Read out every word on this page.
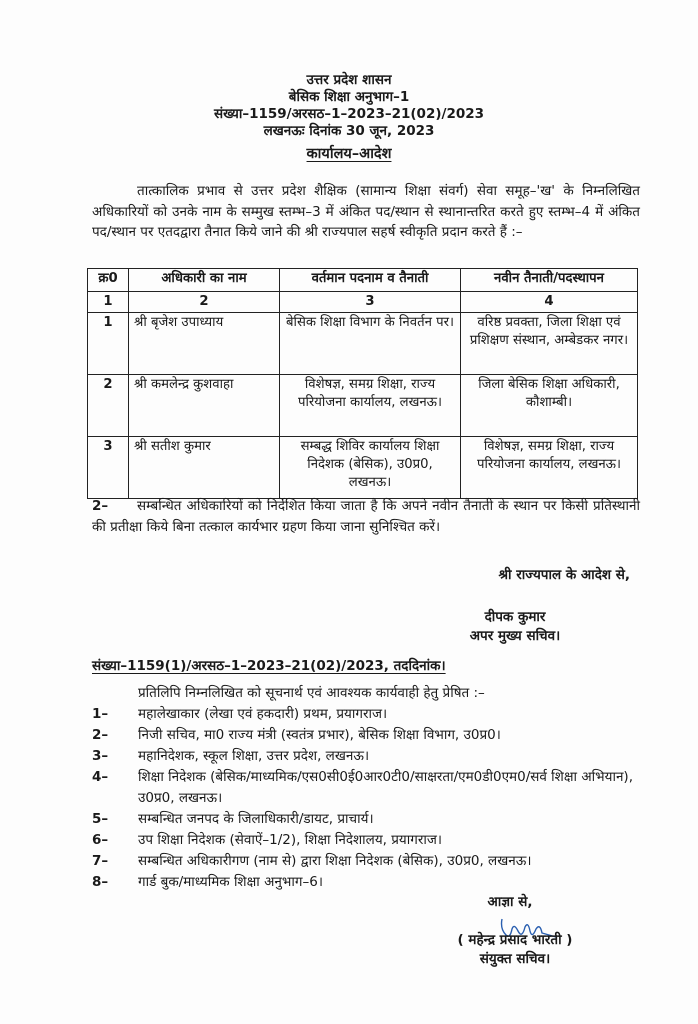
उत्तर प्रदेश शासन
बेसिक शिक्षा अनुभाग–1
संख्या–1159/अरसठ–1–2023–21(02)/2023
लखनऊः दिनांक 30 जून, 2023
कार्यालय–आदेश
तात्कालिक प्रभाव से उत्तर प्रदेश शैक्षिक (सामान्य शिक्षा संवर्ग) सेवा समूह–'ख' के निम्नलिखित अधिकारियों को उनके नाम के सम्मुख स्तम्भ–3 में अंकित पद/स्थान से स्थानान्तरित करते हुए स्तम्भ–4 में अंकित पद/स्थान पर एतदद्वारा तैनात किये जाने की श्री राज्यपाल सहर्ष स्वीकृति प्रदान करते हैं :–
क्र0	अधिकारी का नाम	वर्तमान पदनाम व तैनाती	नवीन तैनाती/पदस्थापन
1	2	3	4
1	श्री बृजेश उपाध्याय	बेसिक शिक्षा विभाग के निवर्तन पर।	वरिष्ठ प्रवक्ता, जिला शिक्षा एवं प्रशिक्षण संस्थान, अम्बेडकर नगर।
2	श्री कमलेन्द्र कुशवाहा	विशेषज्ञ, समग्र शिक्षा, राज्य परियोजना कार्यालय, लखनऊ।	जिला बेसिक शिक्षा अधिकारी, कौशाम्बी।
3	श्री सतीश कुमार	सम्बद्ध शिविर कार्यालय शिक्षा निदेशक (बेसिक), उ0प्र0, लखनऊ।	विशेषज्ञ, समग्र शिक्षा, राज्य परियोजना कार्यालय, लखनऊ।
2– सम्बन्धित अधिकारियों को निर्देशित किया जाता है कि अपने नवीन तैनाती के स्थान पर किसी प्रतिस्थानी की प्रतीक्षा किये बिना तत्काल कार्यभार ग्रहण किया जाना सुनिश्चित करें।
श्री राज्यपाल के आदेश से,
दीपक कुमार
अपर मुख्य सचिव।
संख्या–1159(1)/अरसठ–1–2023–21(02)/2023, तददिनांक।
प्रतिलिपि निम्नलिखित को सूचनार्थ एवं आवश्यक कार्यवाही हेतु प्रेषित :–
1–	महालेखाकार (लेखा एवं हकदारी) प्रथम, प्रयागराज।
2–	निजी सचिव, मा0 राज्य मंत्री (स्वतंत्र प्रभार), बेसिक शिक्षा विभाग, उ0प्र0।
3–	महानिदेशक, स्कूल शिक्षा, उत्तर प्रदेश, लखनऊ।
4–	शिक्षा निदेशक (बेसिक/माध्यमिक/एस0सी0ई0आर0टी0/साक्षरता/एम0डी0एम0/सर्व शिक्षा अभियान), उ0प्र0, लखनऊ।
5–	सम्बन्धित जनपद के जिलाधिकारी/डायट, प्राचार्य।
6–	उप शिक्षा निदेशक (सेवाऐं–1/2), शिक्षा निदेशालय, प्रयागराज।
7–	सम्बन्धित अधिकारीगण (नाम से) द्वारा शिक्षा निदेशक (बेसिक), उ0प्र0, लखनऊ।
8–	गार्ड बुक/माध्यमिक शिक्षा अनुभाग–6।
आज्ञा से,
( महेन्द्र प्रसाद भारती )
संयुक्त सचिव।
